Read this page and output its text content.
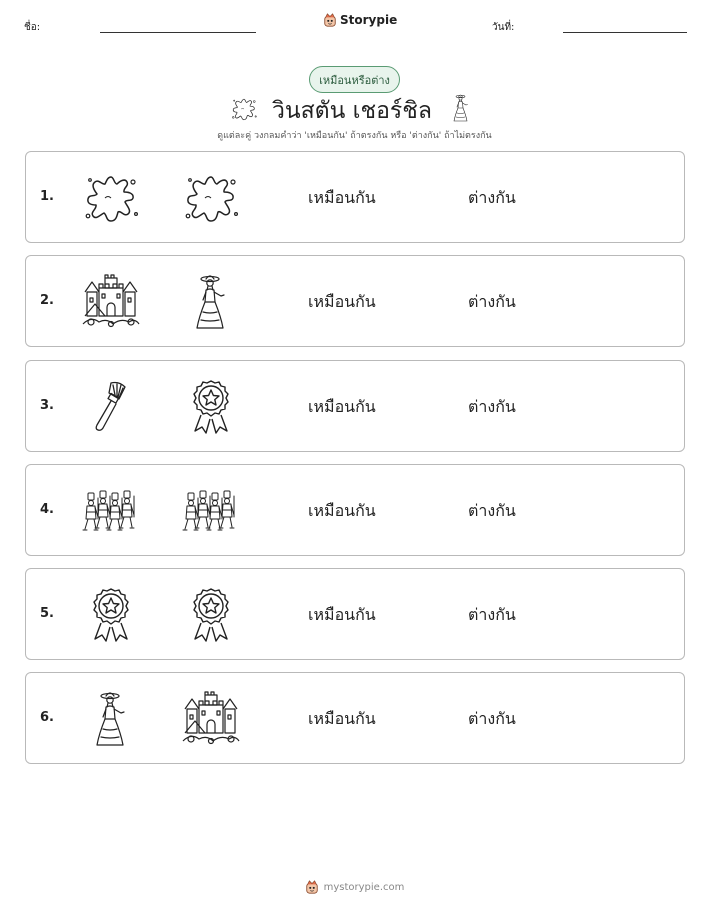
ชื่อ:
Storypie
วันที่:
เหมือนหรือต่าง
วินสตัน เชอร์ชิล
ดูแต่ละคู่ วงกลมคำว่า 'เหมือนกัน' ถ้าตรงกัน หรือ 'ต่างกัน' ถ้าไม่ตรงกัน
1.	เหมือนกัน	ต่างกัน
2.	เหมือนกัน	ต่างกัน
3.	เหมือนกัน	ต่างกัน
4.	เหมือนกัน	ต่างกัน
5.	เหมือนกัน	ต่างกัน
6.	เหมือนกัน	ต่างกัน
mystorypie.com
